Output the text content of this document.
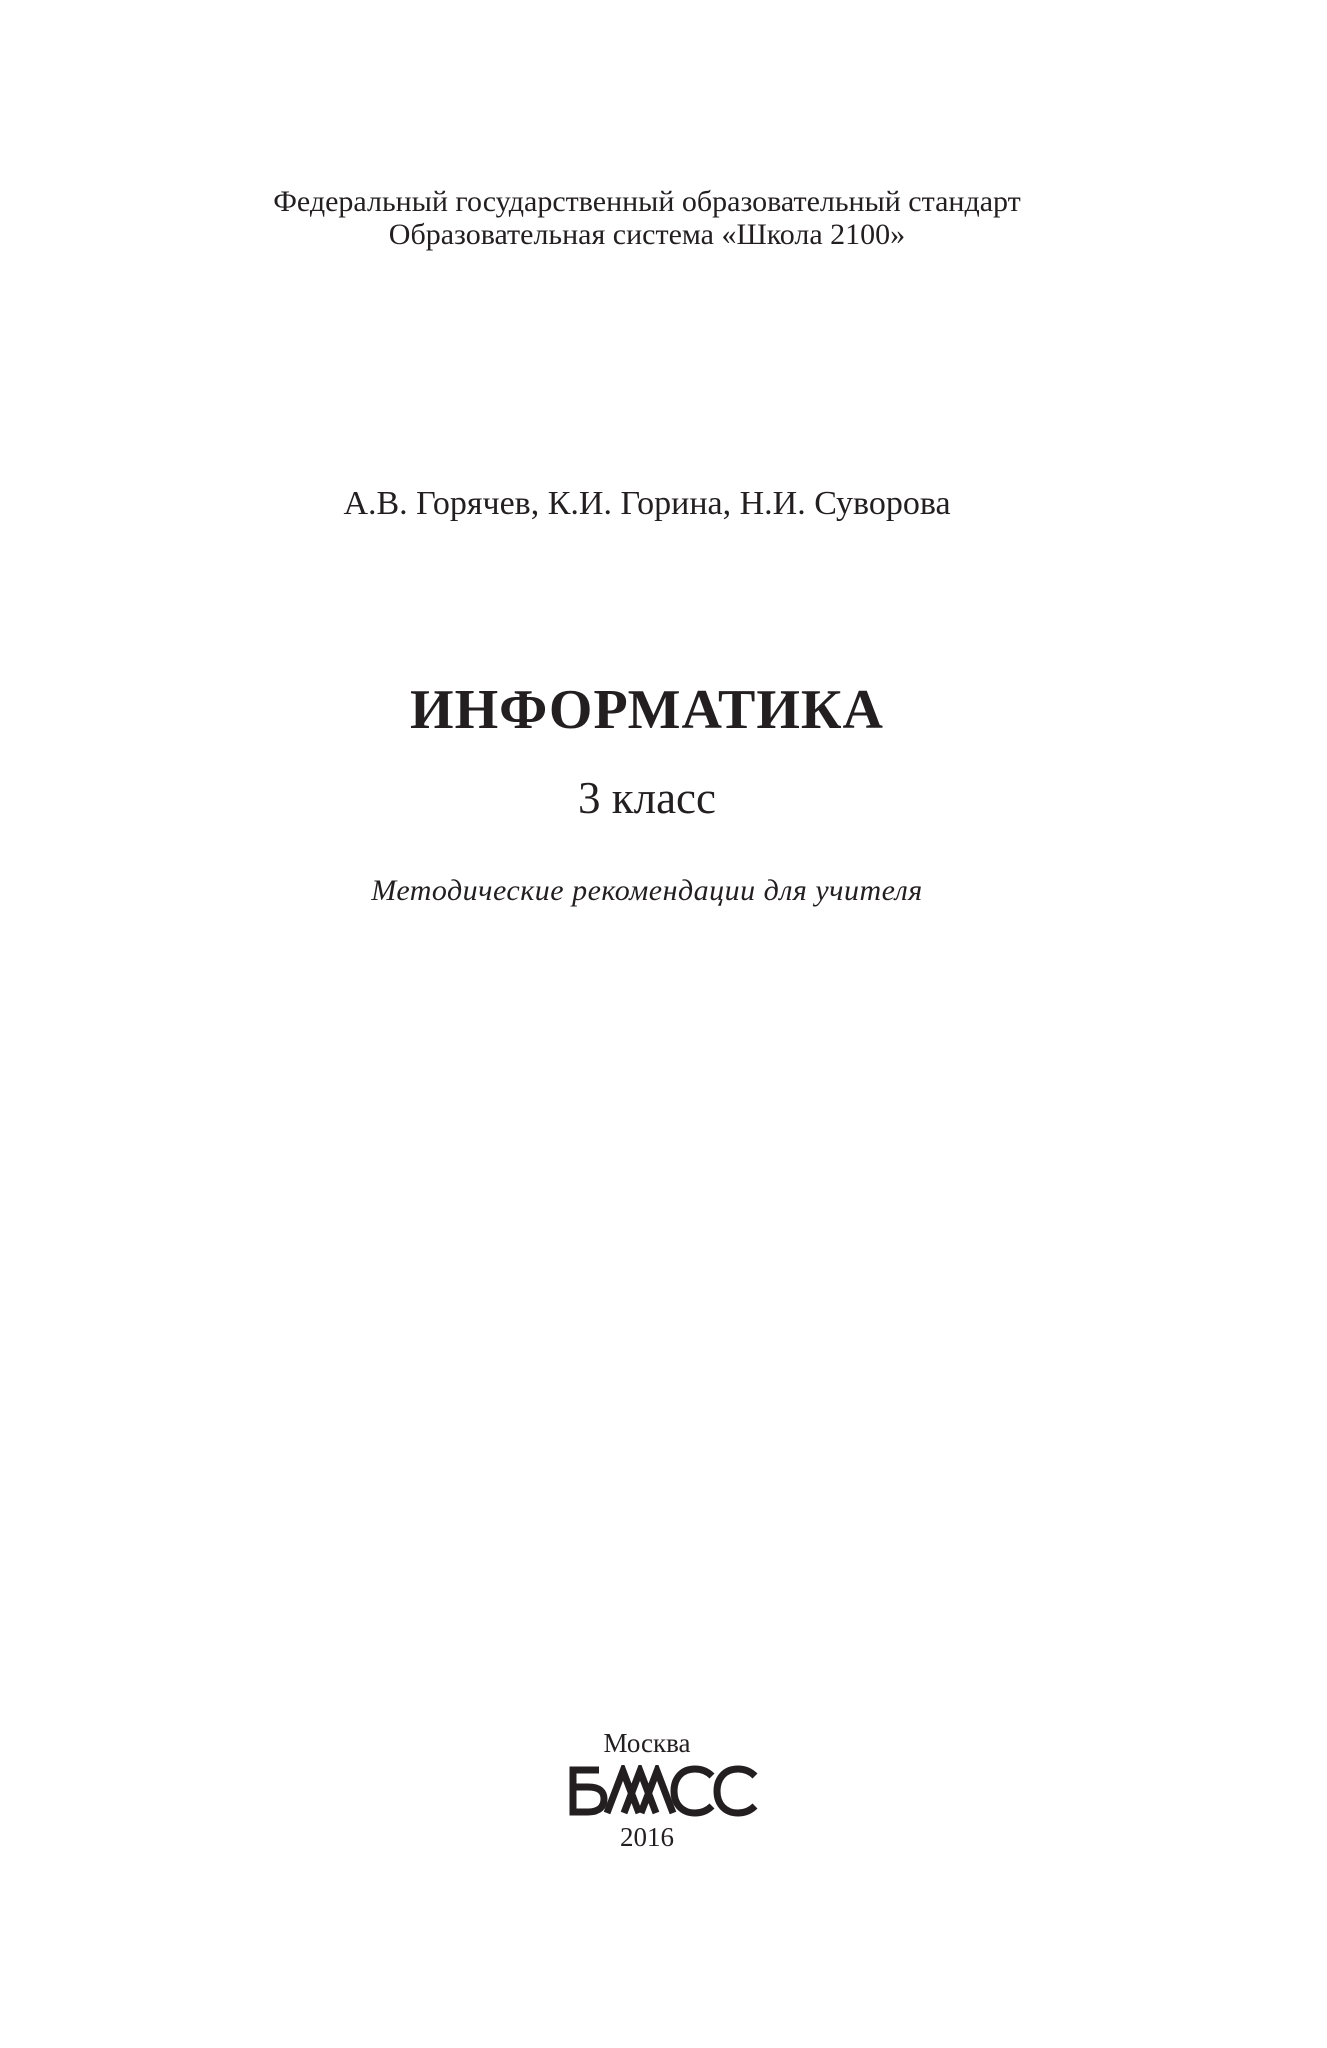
Федеральный государственный образовательный стандарт
Образовательная система «Школа 2100»
А.В. Горячев, К.И. Горина, Н.И. Суворова
ИНФОРМАТИКА
3 класс
Методические рекомендации для учителя
Москва
2016
